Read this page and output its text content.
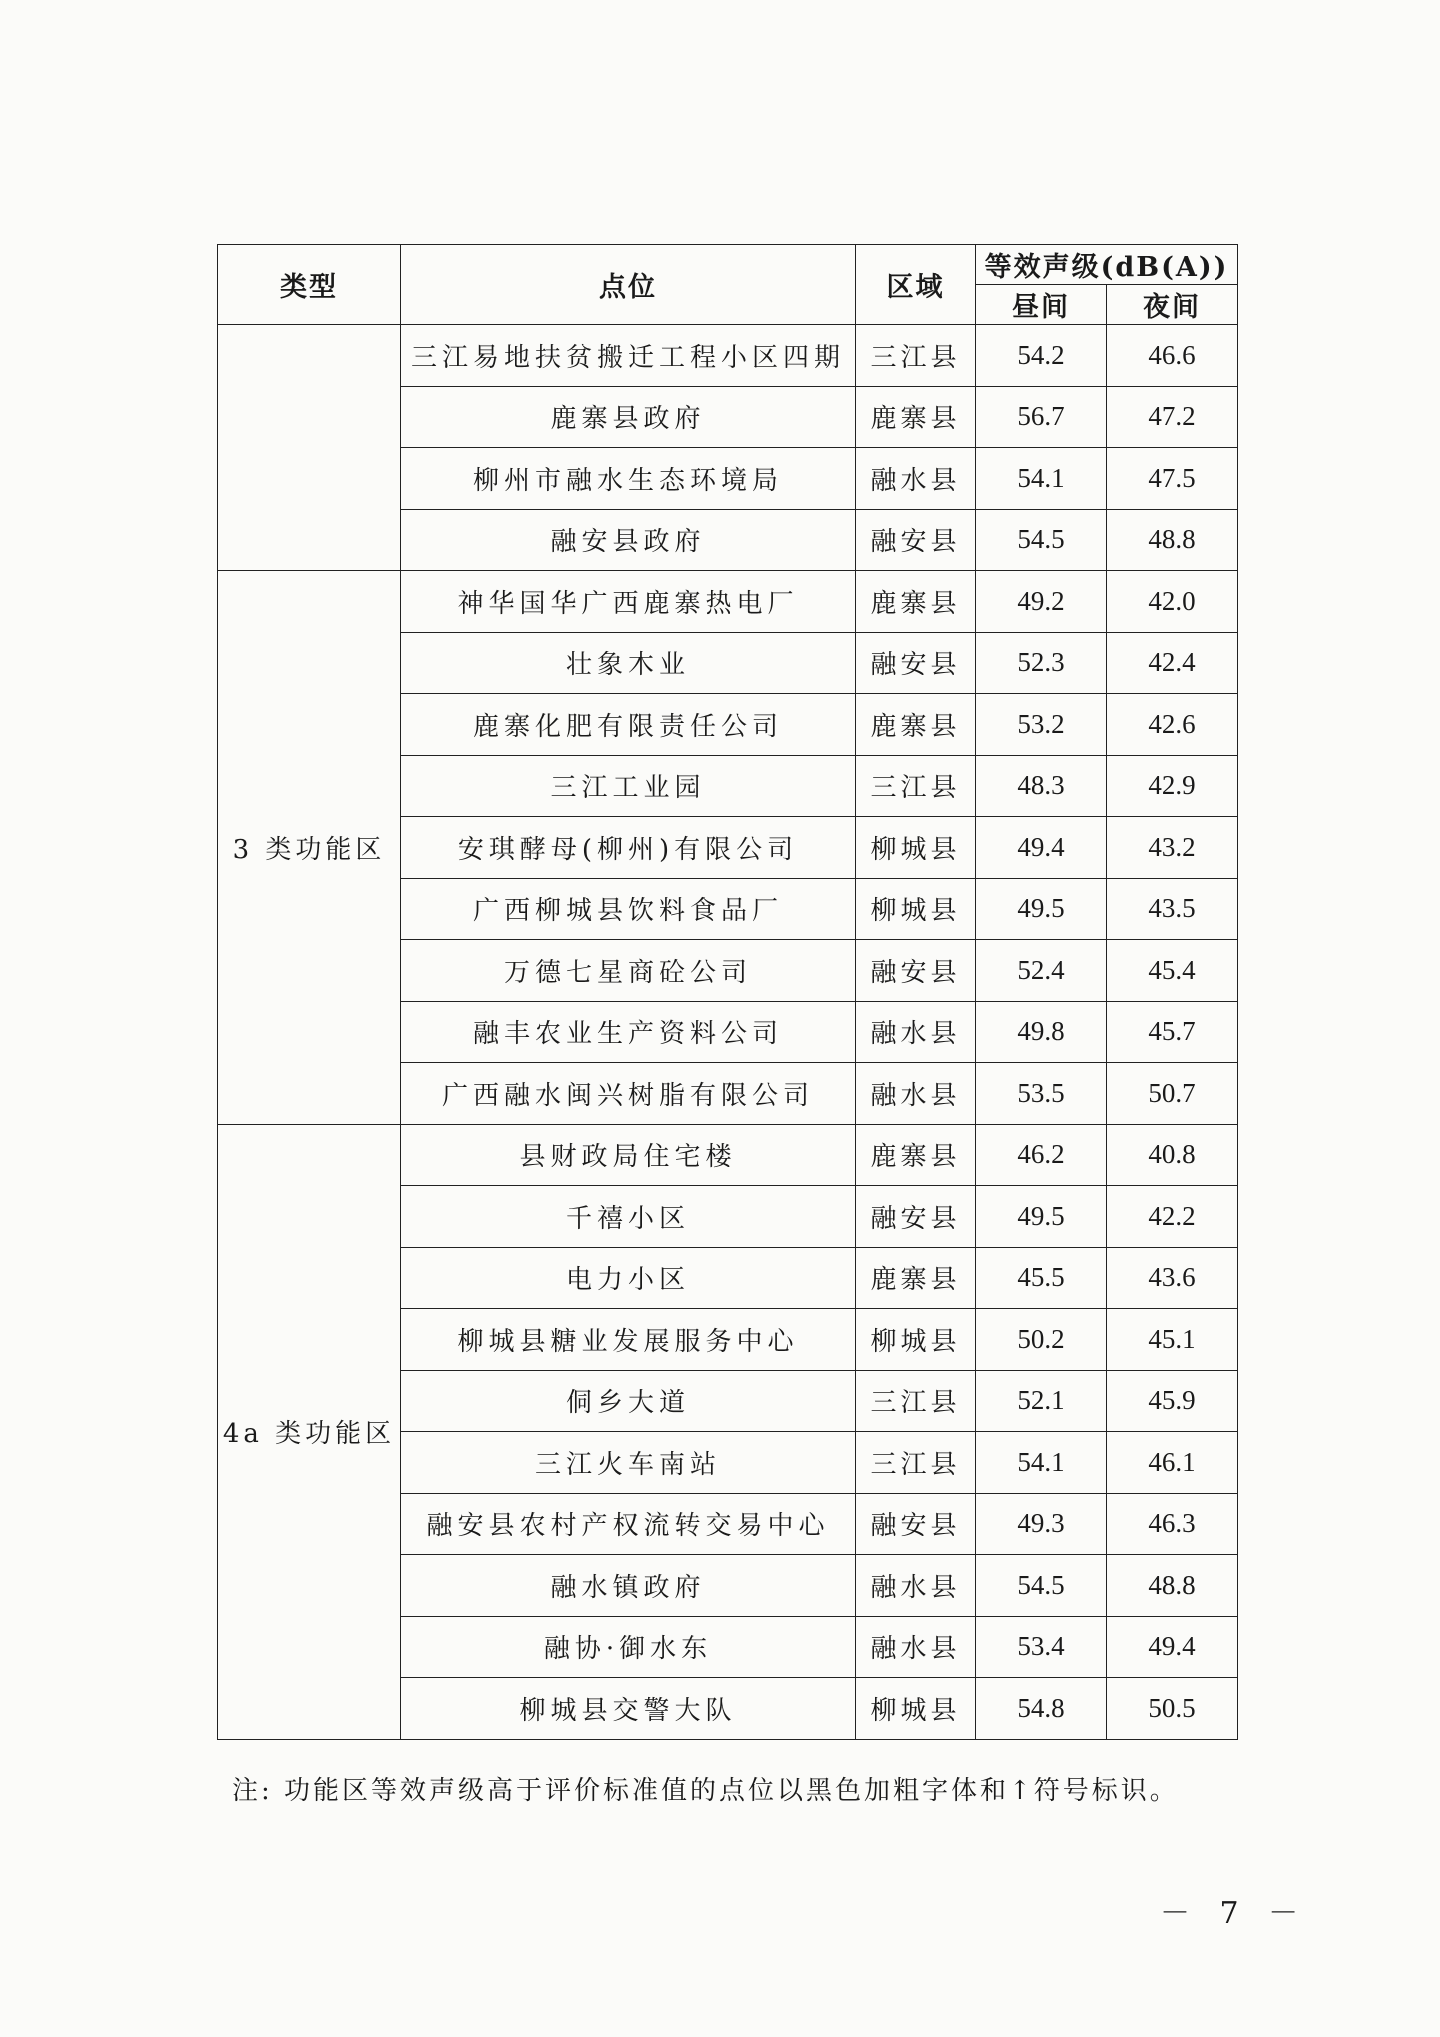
类型	点位	区域	等效声级(dB(A))	
			昼间	夜间
	三江易地扶贫搬迁工程小区四期	三江县	54.2	46.6
	鹿寨县政府	鹿寨县	56.7	47.2
	柳州市融水生态环境局	融水县	54.1	47.5
	融安县政府	融安县	54.5	48.8
3 类功能区	神华国华广西鹿寨热电厂	鹿寨县	49.2	42.0
	壮象木业	融安县	52.3	42.4
	鹿寨化肥有限责任公司	鹿寨县	53.2	42.6
	三江工业园	三江县	48.3	42.9
	安琪酵母(柳州)有限公司	柳城县	49.4	43.2
	广西柳城县饮料食品厂	柳城县	49.5	43.5
	万德七星商砼公司	融安县	52.4	45.4
	融丰农业生产资料公司	融水县	49.8	45.7
	广西融水闽兴树脂有限公司	融水县	53.5	50.7
4a 类功能区	县财政局住宅楼	鹿寨县	46.2	40.8
	千禧小区	融安县	49.5	42.2
	电力小区	鹿寨县	45.5	43.6
	柳城县糖业发展服务中心	柳城县	50.2	45.1
	侗乡大道	三江县	52.1	45.9
	三江火车南站	三江县	54.1	46.1
	融安县农村产权流转交易中心	融安县	49.3	46.3
	融水镇政府	融水县	54.5	48.8
	融协·御水东	融水县	53.4	49.4
	柳城县交警大队	柳城县	54.8	50.5
注: 功能区等效声级高于评价标准值的点位以黑色加粗字体和↑符号标识。
－ 7 －
